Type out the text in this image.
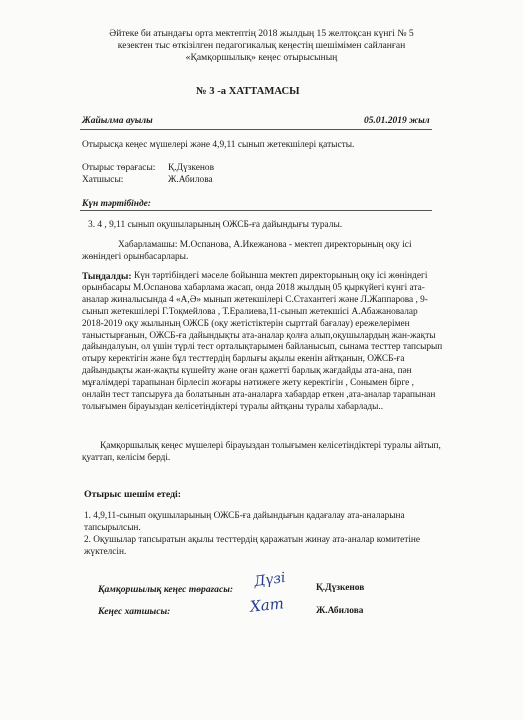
Әйтеке би атындағы орта мектептің 2018 жылдың 15 желтоқсан күнгі № 5
кезектен тыс өткізілген педагогикалық кеңестің шешімімен сайланған
«Қамқоршылық» кеңес отырысының
№ 3 -а ХАТТАМАСЫ
Жайылма ауылы	05.01.2019 жыл
Отырысқа кеңес мүшелері және 4,9,11 сынып жетекшілері қатысты.
Отырыс төрағасы: Қ.Дүзкенов
Хатшысы:	Ж.Абилова
Күн тәртібінде:
3. 4 , 9,11 сынып оқушыларының ОЖСБ-ға дайындығы туралы.
Хабарламашы: М.Оспанова, А.Икежанова - мектеп директорының оқу ісі
жөніндегі орынбасарлары.
Тыңдалды: Күн тәртібіндегі мәселе бойынша мектеп директорының оқу ісі жөніндегі
орынбасары М.Оспанова хабарлама жасап, онда 2018 жылдың 05 қыркүйегі күнгі ата-
аналар жиналысында 4 «А,Ә» мынып жетекшілері С.Стахантегі және Л.Жаппарова , 9-
сынып жетекшілері Г.Тоқмейлова , Т.Ералиева,11-сынып жетекшісі А.Абажановалар
2018-2019 оқу жылының ОЖСБ (оқу жетістіктерін сырттай бағалау) ережелерімен
таныстырғанын, ОЖСБ-ға дайындықты ата-аналар қолға алып,оқушылардың жан-жақты
дайындалуын, ол үшін түрлі тест орталықтарымен байланысып, сынама тесттер тапсырып
отыру керектігін және бұл тесттердің барлығы ақылы екенін айтқанын, ОЖСБ-ға
дайындықты жан-жақты күшейту және оған қажетті барлық жағдайды ата-ана, пән
мұғалімдері тарапынан бірлесіп жоғары нәтижеге жету керектігін , Сонымен бірге ,
онлайн тест тапсыруға да болатынын ата-аналарға хабардар еткен ,ата-аналар тарапынан
толығымен бірауыздан келісетіндіктері туралы айтқаны туралы хабарлады..
Қамқоршылық кеңес мүшелері бірауыздан толығымен келісетіндіктері туралы айтып,
қуаттап, келісім берді.
Отырыс шешім етеді:
1. 4,9,11-сынып оқушыларының ОЖСБ-ға дайындығын қадағалау ата-аналарына
тапсырылсын.
2. Оқушылар тапсыратын ақылы тесттердің қаражатын жинау ата-аналар комитетіне
жүктелсін.
Қамқоршылық кеңес төрағасы: Дүзі	Қ.Дүзкенов
Кеңес хатшысы:	Хат	Ж.Абилова
